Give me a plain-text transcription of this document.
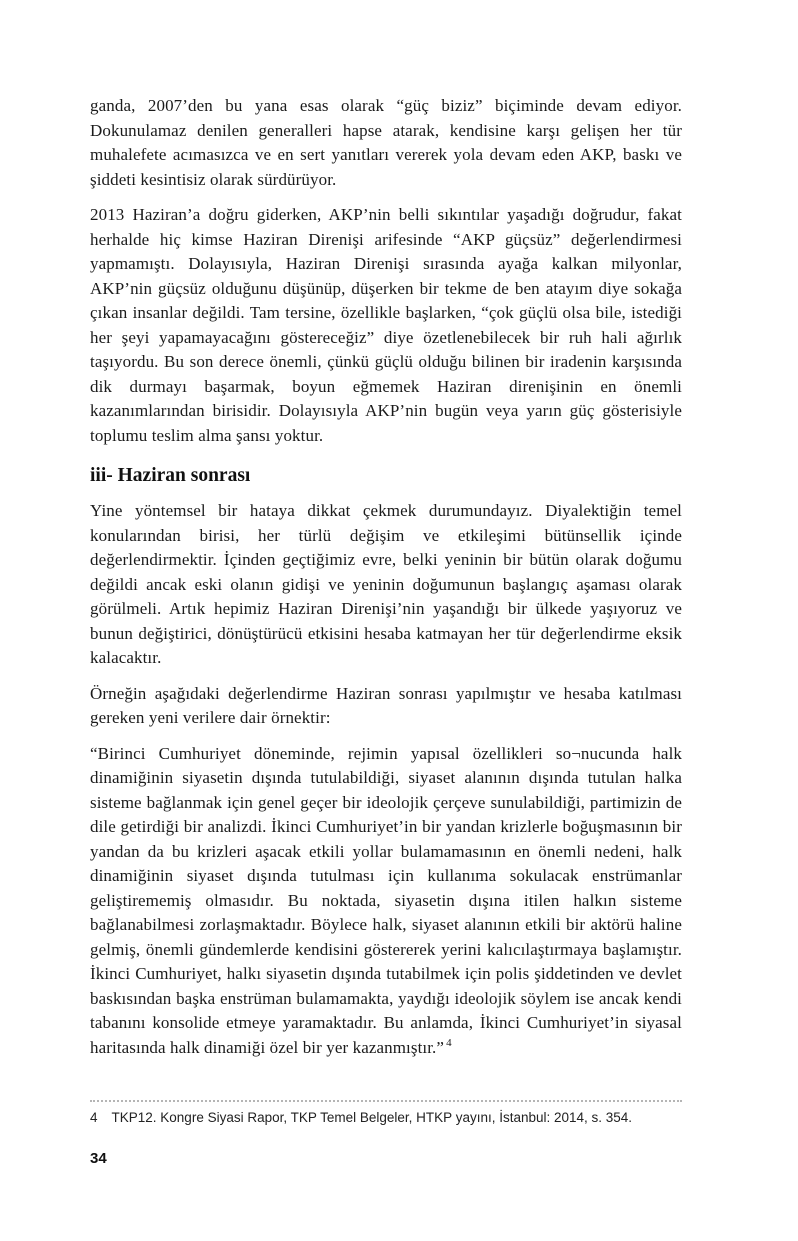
ganda, 2007’den bu yana esas olarak “güç biziz” biçiminde devam ediyor. Dokunulamaz denilen generalleri hapse atarak, kendisine karşı gelişen her tür muhalefete acımasızca ve en sert yanıtları vererek yola devam eden AKP, baskı ve şiddeti kesintisiz olarak sürdürüyor.

2013 Haziran’a doğru giderken, AKP’nin belli sıkıntılar yaşadığı doğrudur, fakat herhalde hiç kimse Haziran Direnişi arifesinde “AKP güçsüz” değerlendirmesi yapmamıştı. Dolayısıyla, Haziran Direnişi sırasında ayağa kalkan milyonlar, AKP’nin güçsüz olduğunu düşünüp, düşerken bir tekme de ben atayım diye sokağa çıkan insanlar değildi. Tam tersine, özellikle başlarken, “çok güçlü olsa bile, istediği her şeyi yapamayacağını göstereceğiz” diye özetlenebilecek bir ruh hali ağırlık taşıyordu. Bu son derece önemli, çünkü güçlü olduğu bilinen bir iradenin karşısında dik durmayı başarmak, boyun eğmemek Haziran direnişinin en önemli kazanımlarından birisidir. Dolayısıyla AKP’nin bugün veya yarın güç gösterisiyle toplumu teslim alma şansı yoktur.

iii- Haziran sonrası

Yine yöntemsel bir hataya dikkat çekmek durumundayız. Diyalektiğin temel konularından birisi, her türlü değişim ve etkileşimi bütünsellik içinde değerlendirmektir. İçinden geçtiğimiz evre, belki yeninin bir bütün olarak doğumu değildi ancak eski olanın gidişi ve yeninin doğumunun başlangıç aşaması olarak görülmeli. Artık hepimiz Haziran Direnişi’nin yaşandığı bir ülkede yaşıyoruz ve bunun değiştirici, dönüştürücü etkisini hesaba katmayan her tür değerlendirme eksik kalacaktır.

Örneğin aşağıdaki değerlendirme Haziran sonrası yapılmıştır ve hesaba katılması gereken yeni verilere dair örnektir:

“Birinci Cumhuriyet döneminde, rejimin yapısal özellikleri so¬nucunda halk dinamiğinin siyasetin dışında tutulabildiği, siyaset alanının dışında tutulan halka sisteme bağlanmak için genel geçer bir ideolojik çerçeve sunulabildiği, partimizin de dile getirdiği bir analizdi. İkinci Cumhuriyet’in bir yandan krizlerle boğuşmasının bir yandan da bu krizleri aşacak etkili yollar bulamamasının en önemli nedeni, halk dinamiğinin siyaset dışında tutulması için kullanıma sokulacak enstrümanlar geliştirememiş olmasıdır. Bu noktada, siyasetin dışına itilen halkın sisteme bağlanabilmesi zorlaşmaktadır. Böylece halk, siyaset alanının etkili bir aktörü haline gelmiş, önemli gündemlerde kendisini göstererek yerini kalıcılaştırmaya başlamıştır. İkinci Cumhuriyet, halkı siyasetin dışında tutabilmek için polis şiddetinden ve devlet baskısından başka enstrüman bulamamakta, yaydığı ideolojik söylem ise ancak kendi tabanını konsolide etmeye yaramaktadır. Bu anlamda, İkinci Cumhuriyet’in siyasal haritasında halk dinamiği özel bir yer kazanmıştır.” $^4$

4 TKP12. Kongre Siyasi Rapor, TKP Temel Belgeler, HTKP yayını, İstanbul: 2014, s. 354.
34
